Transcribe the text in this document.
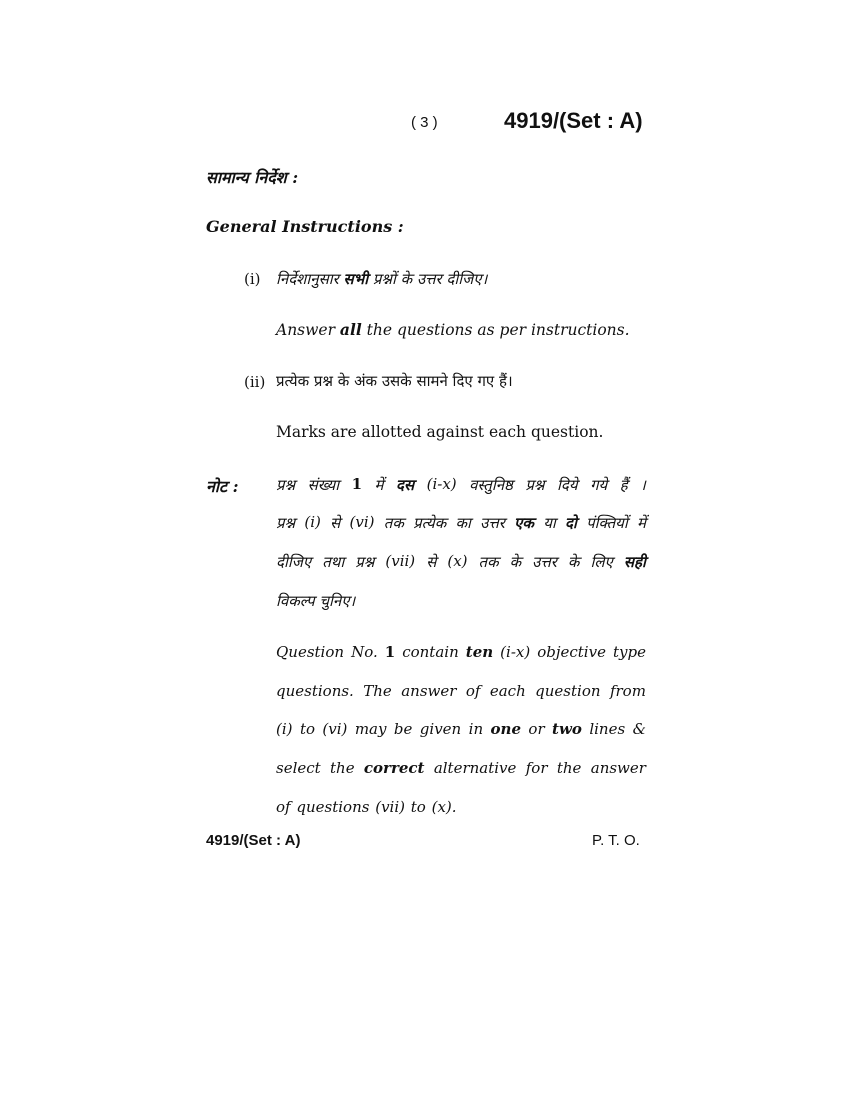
( 3 )	4919/(Set : A)
सामान्य निर्देश :
General Instructions :
(i) निर्देशानुसार सभी प्रश्नों के उत्तर दीजिए।
Answer all the questions as per instructions.
(ii) प्रत्येक प्रश्न के अंक उसके सामने दिए गए हैं।
Marks are allotted against each question.
नोट : प्रश्न संख्या 1 में दस (i-x) वस्तुनिष्ठ प्रश्न दिये गये हैं ।
प्रश्न (i) से (vi) तक प्रत्येक का उत्तर एक या दो पंक्तियों में
दीजिए तथा प्रश्न (vii) से (x) तक के उत्तर के लिए सही
विकल्प चुनिए।
Question No. 1 contain ten (i-x) objective type
questions. The answer of each question from
(i) to (vi) may be given in one or two lines &
select the correct alternative for the answer
of questions (vii) to (x).
4919/(Set : A)	P. T. O.
